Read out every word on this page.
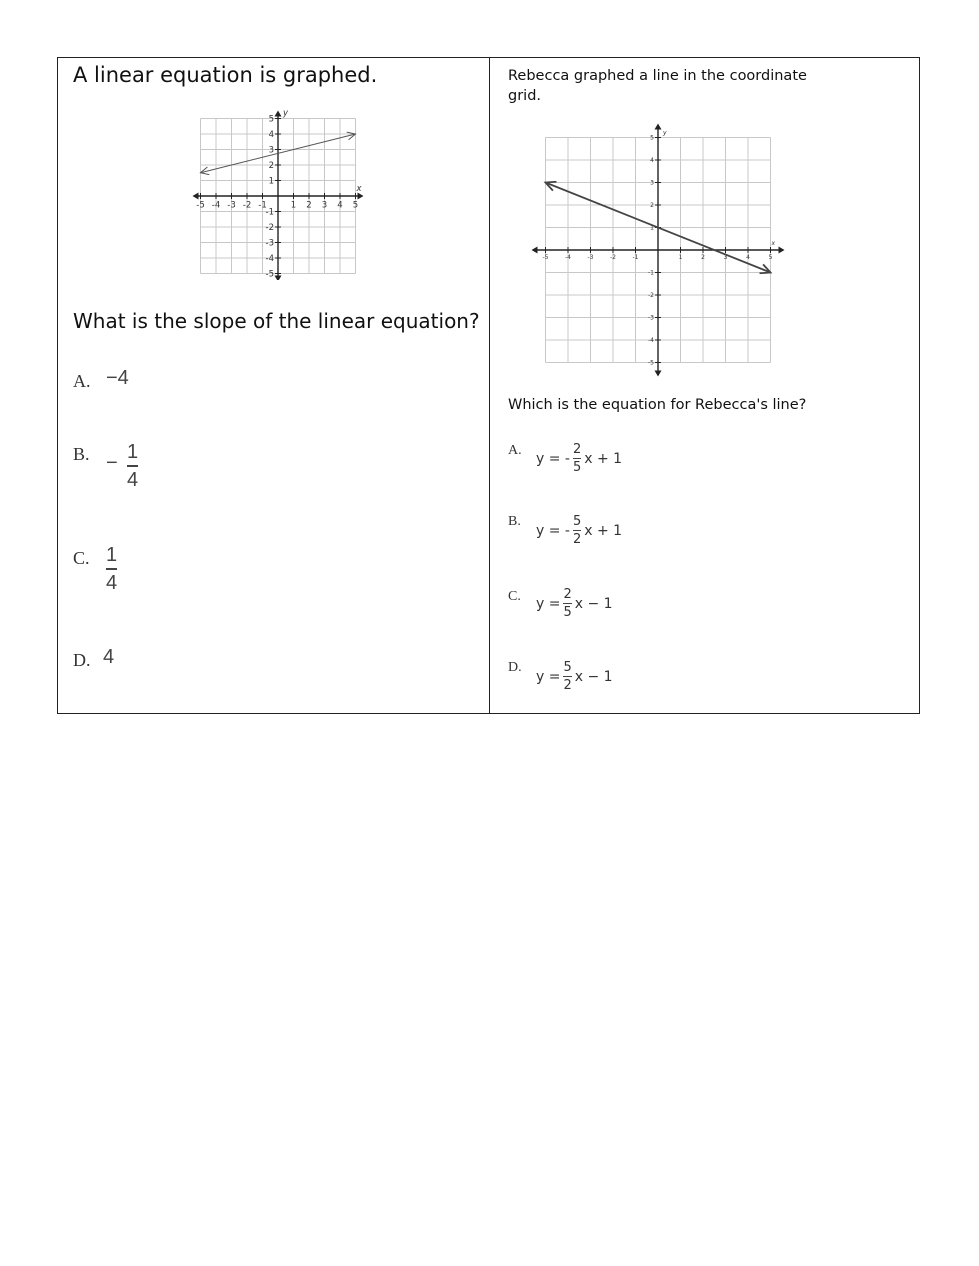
A linear equation is graphed.
-5 -4 -3 -2 -1	1 2 3 4 5
5
4
3
2
1
-1
-2
-3
-4
-5
x
y
What is the slope of the linear equation?
A. −4
B. − 1
4
C. 1
4
D. 4
Rebecca graphed a line in the coordinate grid.
-5	-4	-3	-2	-1	1	2	3	4	5
5
4
3
2
1
-1
-2
-3
-4
-5
x
y
Which is the equation for Rebecca's line?
A. y = - $\frac{2}{5}$ x + 1
B.
y = - $\frac{5}{2}$ x + 1
C. $y = \frac{2}{5}$ x − 1
D.
$y = \frac{5}{2}$ x − 1
